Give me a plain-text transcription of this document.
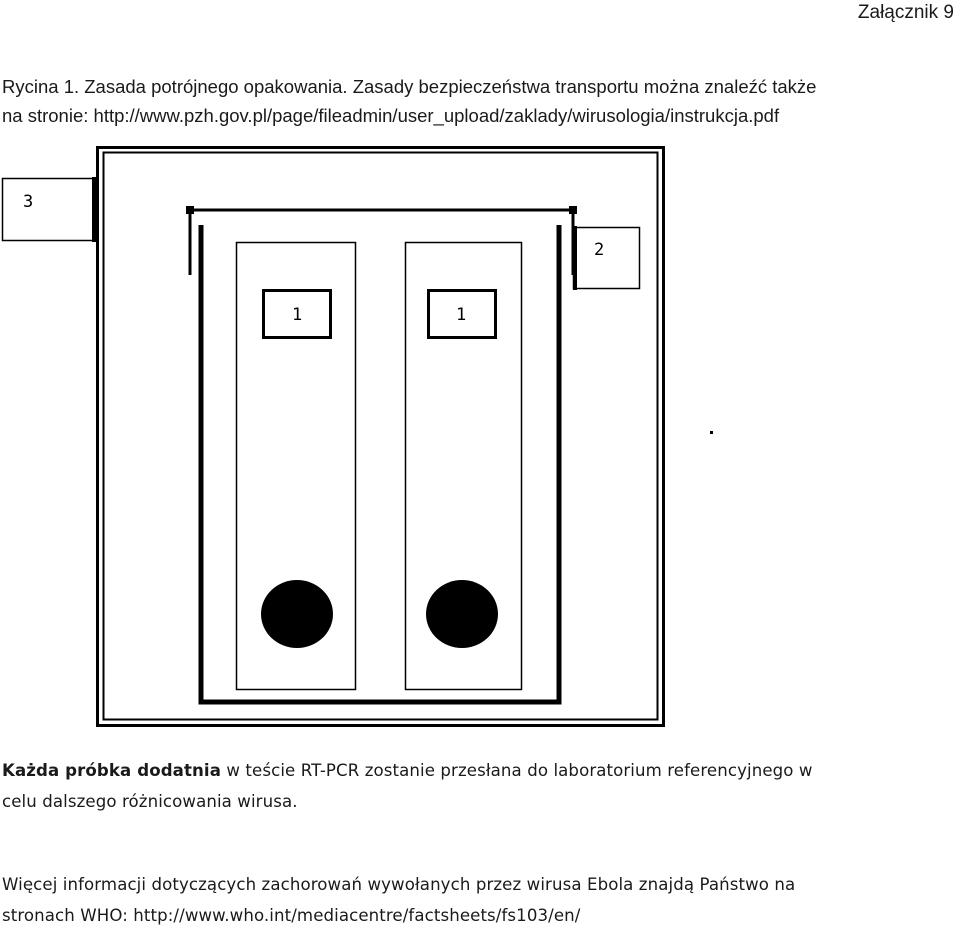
Załącznik 9

Rycina 1. Zasada potrójnego opakowania. Zasady bezpieczeństwa transportu można znaleźć także
na stronie: http://www.pzh.gov.pl/page/fileadmin/user_upload/zaklady/wirusologia/instrukcja.pdf

1	1
3
2

Każda próbka dodatnia w teście RT-PCR zostanie przesłana do laboratorium referencyjnego w
celu dalszego różnicowania wirusa.

Więcej informacji dotyczących zachorowań wywołanych przez wirusa Ebola znajdą Państwo na
stronach WHO: http://www.who.int/mediacentre/factsheets/fs103/en/
